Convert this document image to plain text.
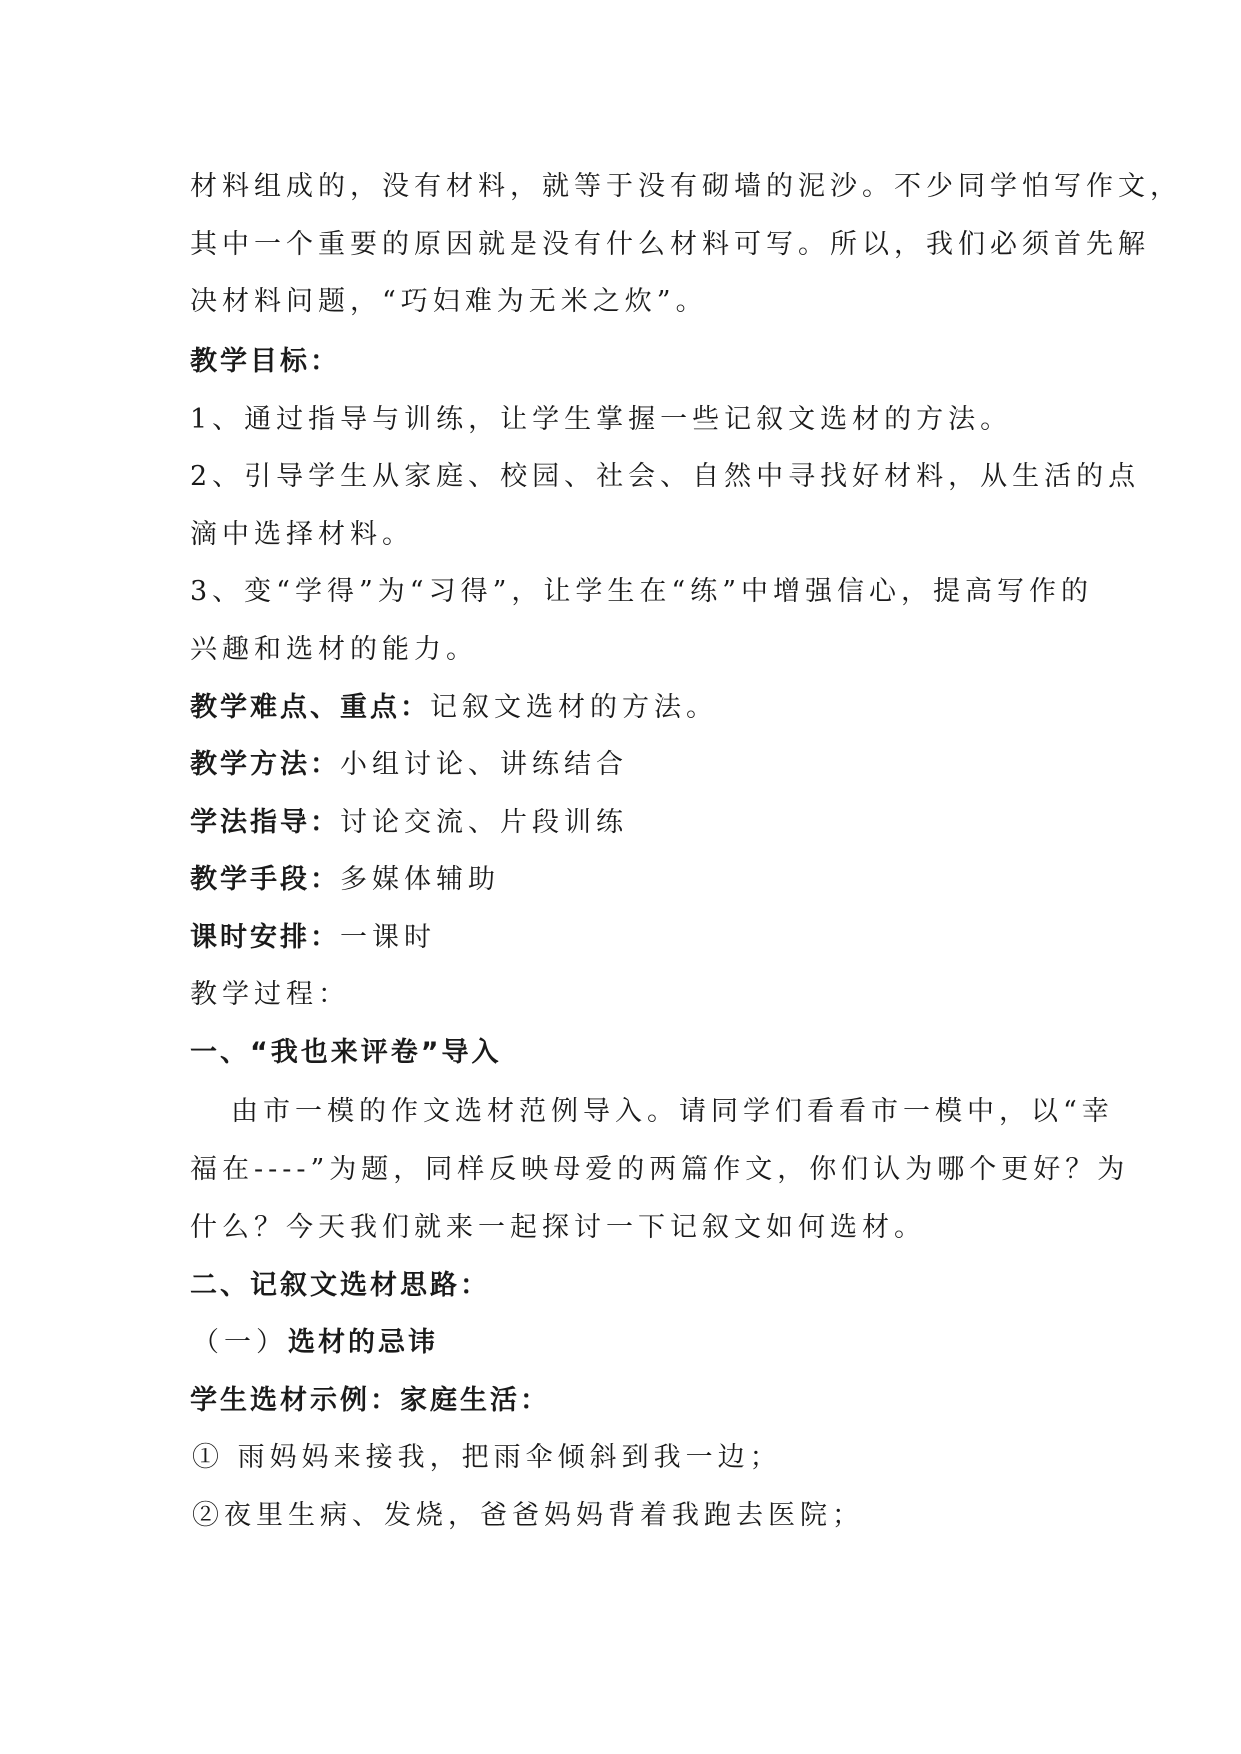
材料组成的，没有材料，就等于没有砌墙的泥沙。不少同学怕写作文，
其中一个重要的原因就是没有什么材料可写。所以，我们必须首先解
决材料问题，“巧妇难为无米之炊”。
教学目标：
1、通过指导与训练，让学生掌握一些记叙文选材的方法。
2、引导学生从家庭、校园、社会、自然中寻找好材料，从生活的点
滴中选择材料。
3、变“学得”为“习得”，让学生在“练”中增强信心，提高写作的
兴趣和选材的能力。
教学难点、重点：记叙文选材的方法。
教学方法：小组讨论、讲练结合
学法指导：讨论交流、片段训练
教学手段：多媒体辅助
课时安排：一课时
教学过程：
一、“我也来评卷”导入
由市一模的作文选材范例导入。请同学们看看市一模中，以“幸
福在----”为题，同样反映母爱的两篇作文，你们认为哪个更好？为
什么？今天我们就来一起探讨一下记叙文如何选材。
二、记叙文选材思路：
（一）选材的忌讳
学生选材示例：家庭生活：
① 雨妈妈来接我，把雨伞倾斜到我一边；
②夜里生病、发烧，爸爸妈妈背着我跑去医院；
